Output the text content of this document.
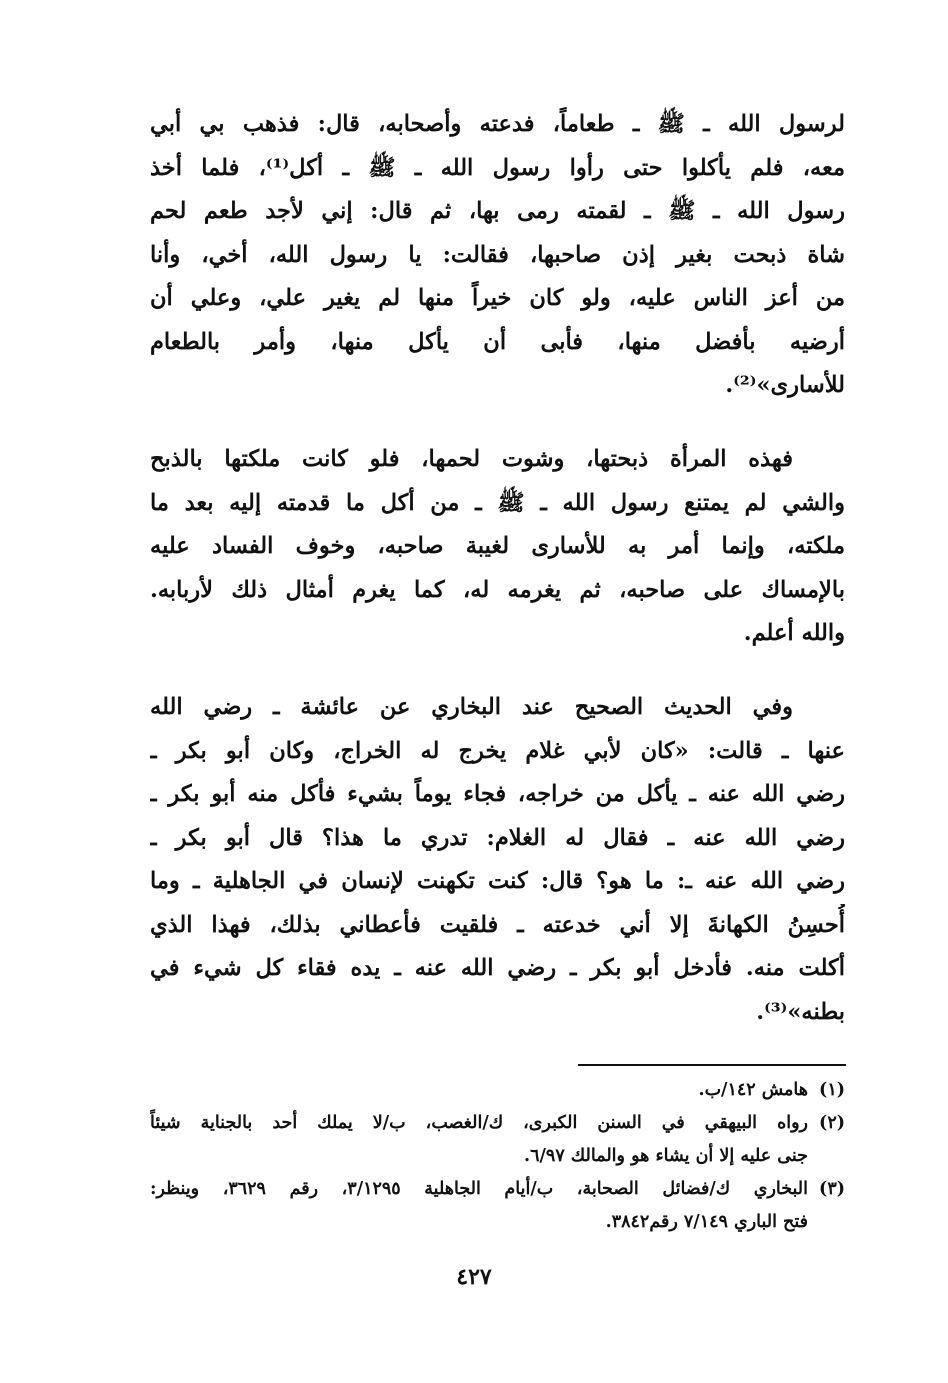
لرسول الله ـ ﷺ ـ طعاماً، فدعته وأصحابه، قال: فذهب بي أبي
معه، فلم يأكلوا حتى رأوا رسول الله ـ ﷺ ـ أكل⁽¹⁾، فلما أخذ
رسول الله ـ ﷺ ـ لقمته رمى بها، ثم قال: إني لأجد طعم لحم
شاة ذبحت بغير إذن صاحبها، فقالت: يا رسول الله، أخي، وأنا
من أعز الناس عليه، ولو كان خيراً منها لم يغير علي، وعلي أن
أرضيه بأفضل منها، فأبى أن يأكل منها، وأمر بالطعام
للأسارى»⁽²⁾.
فهذه المرأة ذبحتها، وشوت لحمها، فلو كانت ملكتها بالذبح
والشي لم يمتنع رسول الله ـ ﷺ ـ من أكل ما قدمته إليه بعد ما
ملكته، وإنما أمر به للأسارى لغيبة صاحبه، وخوف الفساد عليه
بالإمساك على صاحبه، ثم يغرمه له، كما يغرم أمثال ذلك لأربابه.
والله أعلم.
وفي الحديث الصحيح عند البخاري عن عائشة ـ رضي الله
عنها ـ قالت: «كان لأبي غلام يخرج له الخراج، وكان أبو بكر ـ
رضي الله عنه ـ يأكل من خراجه، فجاء يوماً بشيء فأكل منه أبو بكر ـ
رضي الله عنه ـ فقال له الغلام: تدري ما هذا؟ قال أبو بكر ـ
رضي الله عنه ـ: ما هو؟ قال: كنت تكهنت لإنسان في الجاهلية ـ وما
أُحسِنُ الكهانةَ إلا أني خدعته ـ فلقيت فأعطاني بذلك، فهذا الذي
أكلت منه. فأدخل أبو بكر ـ رضي الله عنه ـ يده فقاء كل شيء في
بطنه»⁽³⁾.
(١)هامش ١٤٢/ب.
(٢)رواه البيهقي في السنن الكبرى، ك/الغصب، ب/لا يملك أحد بالجناية شيئاً
جنى عليه إلا أن يشاء هو والمالك ٦/٩٧.
(٣)البخاري ك/فضائل الصحابة، ب/أيام الجاهلية ٣/١٢٩٥، رقم ٣٦٢٩، وينظر:
فتح الباري ٧/١٤٩ رقم٣٨٤٢.
٤٢٧
